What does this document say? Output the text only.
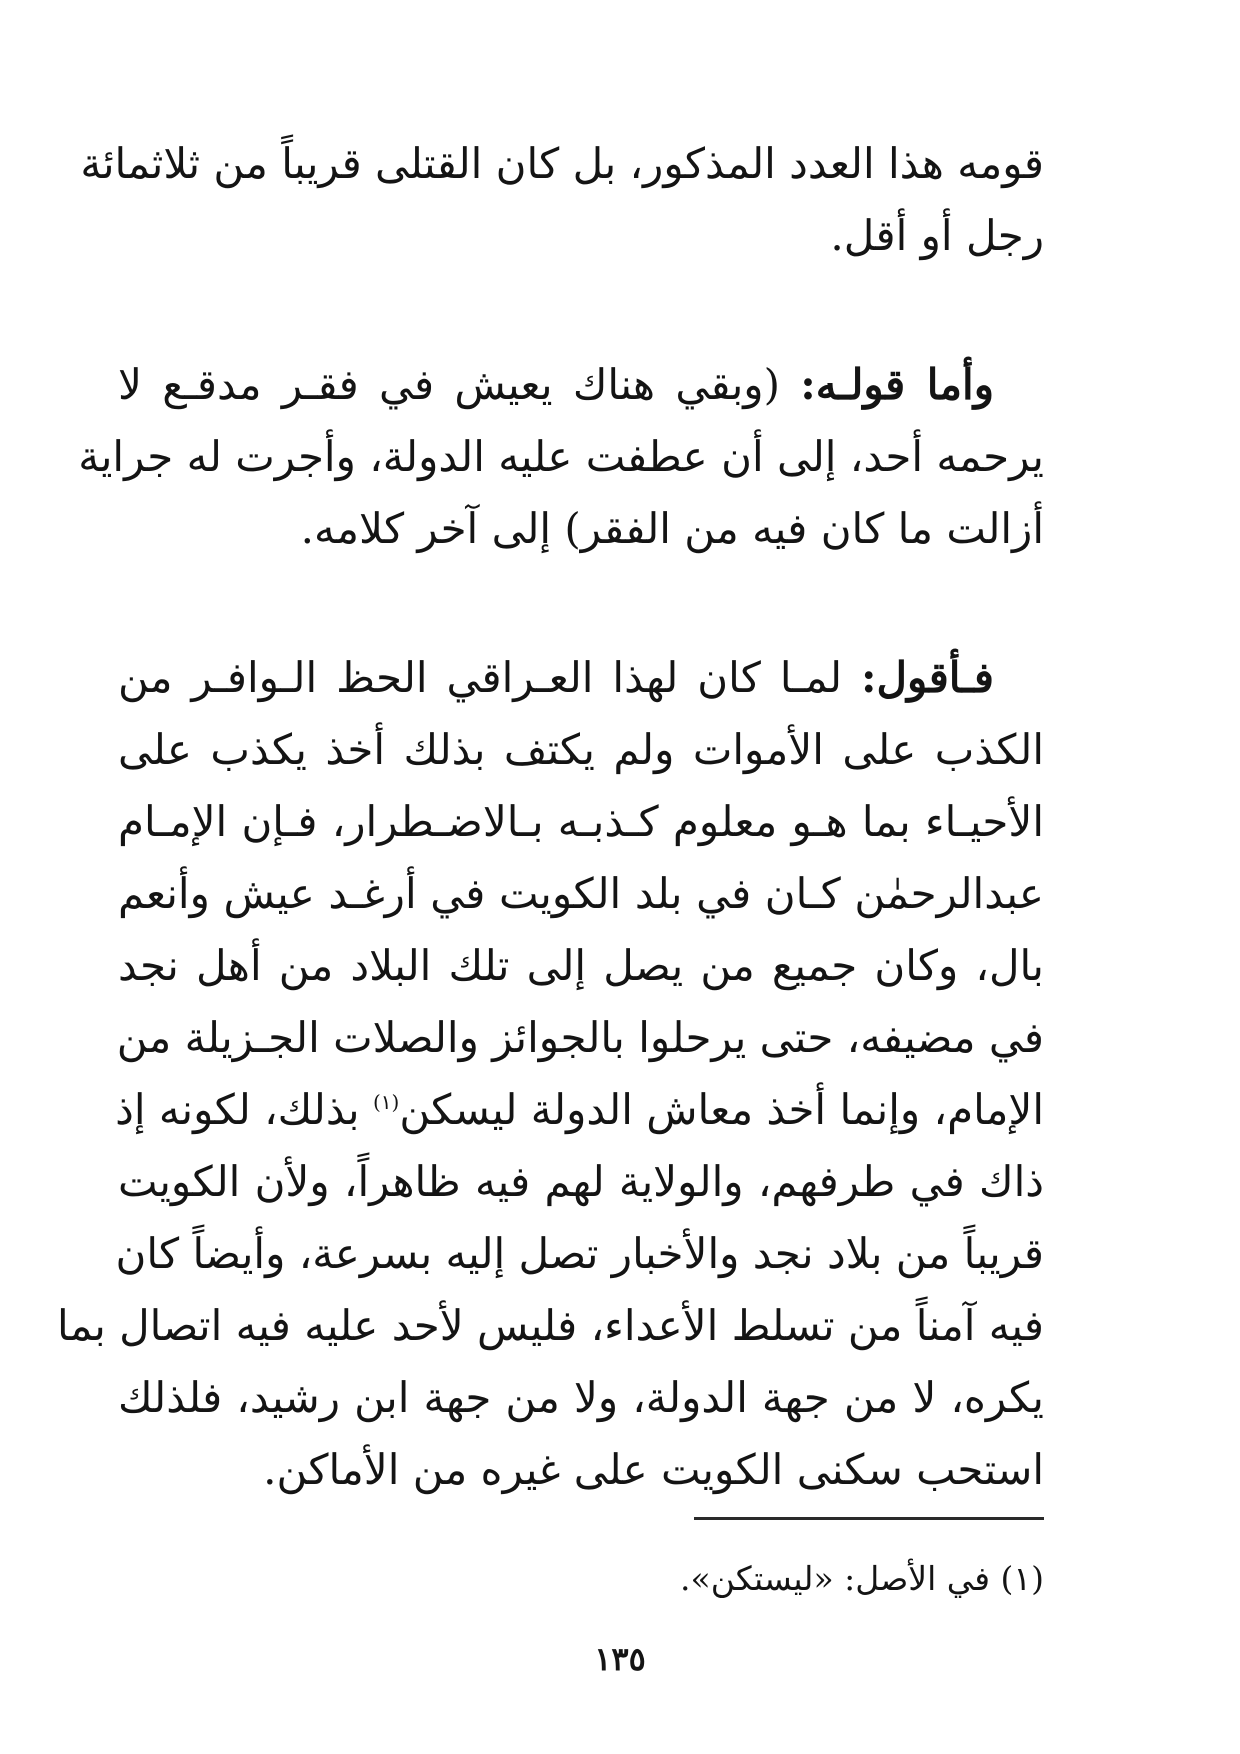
قومه هذا العدد المذكور، بل كان القتلى قريباً من ثلاثمائة
رجل أو أقل.
وأما قولـه: (وبقي هناك يعيش في فقـر مدقـع لا
يرحمه أحد، إلى أن عطفت عليه الدولة، وأجرت له جراية
أزالت ما كان فيه من الفقر) إلى آخر كلامه.
فـأقول: لمـا كان لهذا العـراقي الحظ الـوافـر من
الكذب على الأموات ولم يكتف بذلك أخذ يكذب على
الأحيـاء بما هـو معلوم كـذبـه بـالاضـطرار، فـإن الإمـام
عبدالرحمٰن كـان في بلد الكويت في أرغـد عيش وأنعم
بال، وكان جميع من يصل إلى تلك البلاد من أهل نجد
في مضيفه، حتى يرحلوا بالجوائز والصلات الجـزيلة من
الإمام، وإنما أخذ معاش الدولة ليسكن$^{(١)}$ بذلك، لكونه إذ
ذاك في طرفهم، والولاية لهم فيه ظاهراً، ولأن الكويت
قريباً من بلاد نجد والأخبار تصل إليه بسرعة، وأيضاً كان
فيه آمناً من تسلط الأعداء، فليس لأحد عليه فيه اتصال بما
يكره، لا من جهة الدولة، ولا من جهة ابن رشيد، فلذلك
استحب سكنى الكويت على غيره من الأماكن.
(١) في الأصل: «ليستكن».
١٣٥
